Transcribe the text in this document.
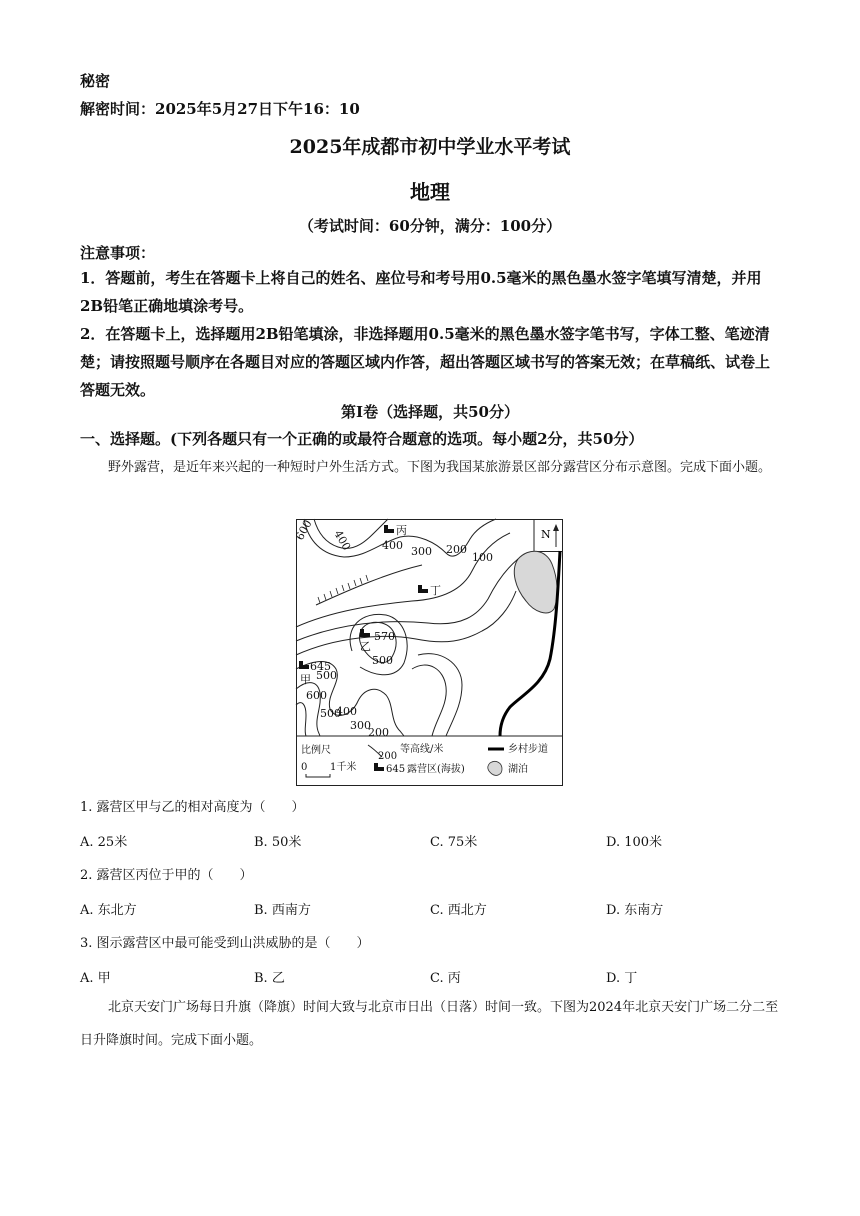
秘密
解密时间：2025年5月27日下午16：10
2025年成都市初中学业水平考试
地理
（考试时间：60分钟，满分：100分）
注意事项：
1．答题前，考生在答题卡上将自己的姓名、座位号和考号用0.5毫米的黑色墨水签字笔填写清楚，并用2B铅笔正确地填涂考号。
2．在答题卡上，选择题用2B铅笔填涂，非选择题用0.5毫米的黑色墨水签字笔书写，字体工整、笔迹清楚；请按照题号顺序在各题目对应的答题区域内作答，超出答题区域书写的答案无效；在草稿纸、试卷上答题无效。
第Ⅰ卷（选择题，共50分）
一、选择题。(下列各题只有一个正确的或最符合题意的选项。每小题2分，共50分）
野外露营，是近年来兴起的一种短时户外生活方式。下图为我国某旅游景区部分露营区分布示意图。完成下面小题。
N
600 400	400 300 200
100
500
500
600
500
400
300
200
丙
丁
570
乙
645
甲
比例尺
0 1千米
200
等高线/米	乡村步道
645 露营区(海拔)	湖泊
1. 露营区甲与乙的相对高度为（　　）
A. 25米	B. 50米	C. 75米	D. 100米
2. 露营区丙位于甲的（　　）
A. 东北方	B. 西南方	C. 西北方	D. 东南方
3. 图示露营区中最可能受到山洪威胁的是（　　）
A. 甲	B. 乙	C. 丙	D. 丁
北京天安门广场每日升旗（降旗）时间大致与北京市日出（日落）时间一致。下图为2024年北京天安门广场二分二至日升降旗时间。完成下面小题。
